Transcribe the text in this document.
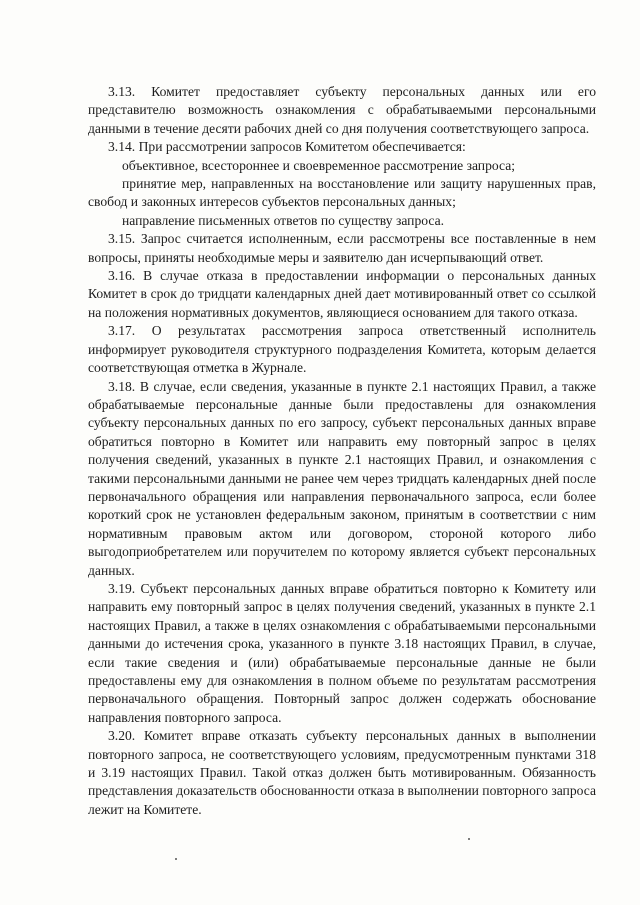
3.13. Комитет предоставляет субъекту персональных данных или его представителю возможность ознакомления с обрабатываемыми персональными данными в течение десяти рабочих дней со дня получения соответствующего запроса.

3.14. При рассмотрении запросов Комитетом обеспечивается:

объективное, всестороннее и своевременное рассмотрение запроса;

принятие мер, направленных на восстановление или защиту нарушенных прав, свобод и законных интересов субъектов персональных данных;

направление письменных ответов по существу запроса.

3.15. Запрос считается исполненным, если рассмотрены все поставленные в нем вопросы, приняты необходимые меры и заявителю дан исчерпывающий ответ.

3.16. В случае отказа в предоставлении информации о персональных данных Комитет в срок до тридцати календарных дней дает мотивированный ответ со ссылкой на положения нормативных документов, являющиеся основанием для такого отказа.

3.17. О результатах рассмотрения запроса ответственный исполнитель информирует руководителя структурного подразделения Комитета, которым делается соответствующая отметка в Журнале.

3.18. В случае, если сведения, указанные в пункте 2.1 настоящих Правил, а также обрабатываемые персональные данные были предоставлены для ознакомления субъекту персональных данных по его запросу, субъект персональных данных вправе обратиться повторно в Комитет или направить ему повторный запрос в целях получения сведений, указанных в пункте 2.1 настоящих Правил, и ознакомления с такими персональными данными не ранее чем через тридцать календарных дней после первоначального обращения или направления первоначального запроса, если более короткий срок не установлен федеральным законом, принятым в соответствии с ним нормативным правовым актом или договором, стороной которого либо выгодоприобретателем или поручителем по которому является субъект персональных данных.

3.19. Субъект персональных данных вправе обратиться повторно к Комитету или направить ему повторный запрос в целях получения сведений, указанных в пункте 2.1 настоящих Правил, а также в целях ознакомления с обрабатываемыми персональными данными до истечения срока, указанного в пункте 3.18 настоящих Правил, в случае, если такие сведения и (или) обрабатываемые персональные данные не были предоставлены ему для ознакомления в полном объеме по результатам рассмотрения первоначального обращения. Повторный запрос должен содержать обоснование направления повторного запроса.

3.20. Комитет вправе отказать субъекту персональных данных в выполнении повторного запроса, не соответствующего условиям, предусмотренным пунктами 318 и 3.19 настоящих Правил. Такой отказ должен быть мотивированным. Обязанность представления доказательств обоснованности отказа в выполнении повторного запроса лежит на Комитете.
